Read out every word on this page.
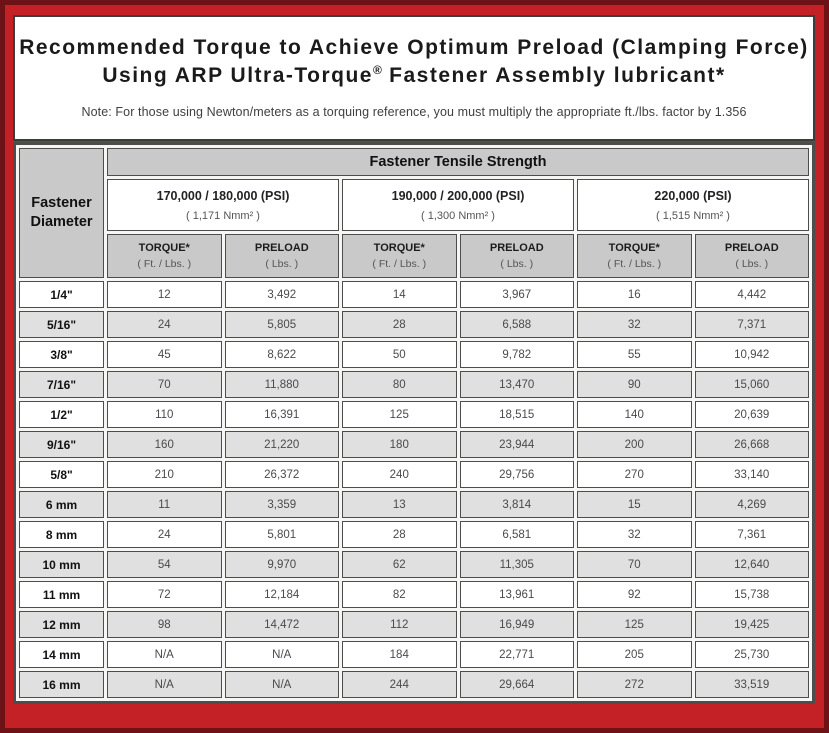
Recommended Torque to Achieve Optimum Preload (Clamping Force)
Using ARP Ultra-Torque® Fastener Assembly lubricant*
Note: For those using Newton/meters as a torquing reference, you must multiply the appropriate ft./lbs. factor by 1.356
Fastener
Diameter	Fastener Tensile Strength					

170,000 / 180,000 (PSI)
( 1,171 Nmm² )

190,000 / 200,000 (PSI)
( 1,300 Nmm² )

220,000 (PSI)
( 1,515 Nmm² )

TORQUE*
( Ft. / Lbs. )

PRELOAD
( Lbs. )

TORQUE*
( Ft. / Lbs. )

PRELOAD
( Lbs. )

TORQUE*
( Ft. / Lbs. )

PRELOAD
( Lbs. )

1/4"	12	3,492	14	3,967	16	4,442
5/16"	24	5,805	28	6,588	32	7,371
3/8"	45	8,622	50	9,782	55	10,942
7/16"	70	11,880	80	13,470	90	15,060
1/2"	110	16,391	125	18,515	140	20,639
9/16"	160	21,220	180	23,944	200	26,668
5/8"	210	26,372	240	29,756	270	33,140
6 mm	11	3,359	13	3,814	15	4,269
8 mm	24	5,801	28	6,581	32	7,361
10 mm	54	9,970	62	11,305	70	12,640
11 mm	72	12,184	82	13,961	92	15,738
12 mm	98	14,472	112	16,949	125	19,425
14 mm	N/A	N/A	184	22,771	205	25,730
16 mm	N/A	N/A	244	29,664	272	33,519
